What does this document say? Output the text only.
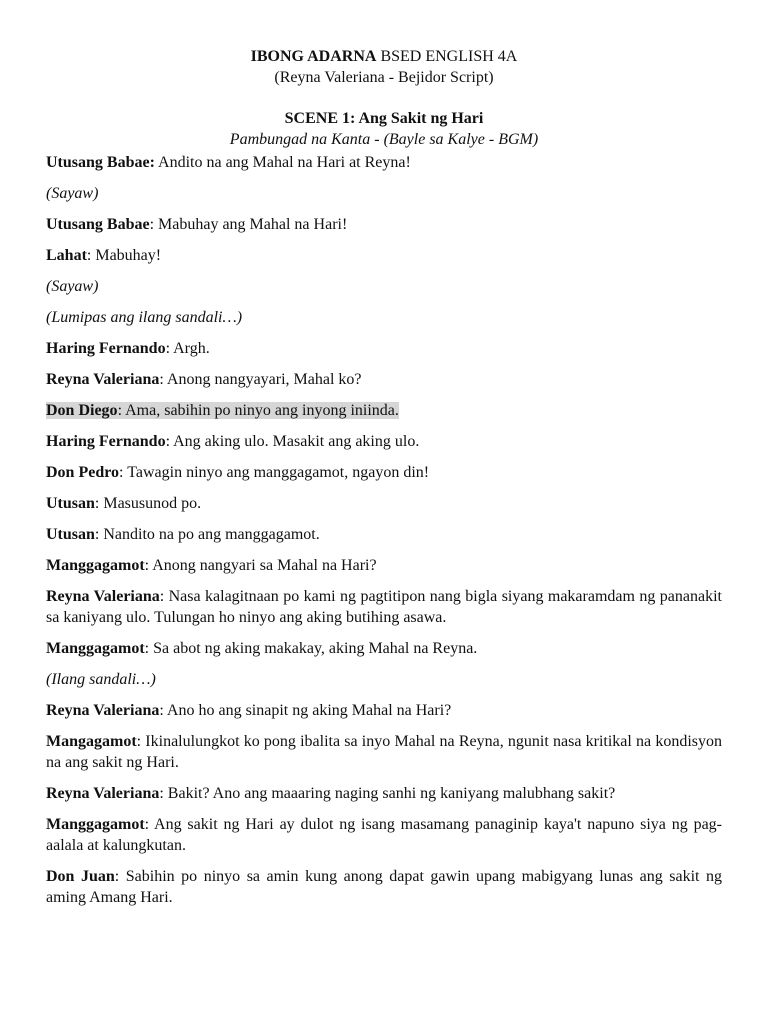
IBONG ADARNA BSED ENGLISH 4A
(Reyna Valeriana - Bejidor Script)
SCENE 1: Ang Sakit ng Hari
Pambungad na Kanta - (Bayle sa Kalye - BGM)
Utusang Babae: Andito na ang Mahal na Hari at Reyna!
(Sayaw)
Utusang Babae: Mabuhay ang Mahal na Hari!
Lahat: Mabuhay!
(Sayaw)
(Lumipas ang ilang sandali…)
Haring Fernando: Argh.
Reyna Valeriana: Anong nangyayari, Mahal ko?
Don Diego: Ama, sabihin po ninyo ang inyong iniinda.
Haring Fernando: Ang aking ulo. Masakit ang aking ulo.
Don Pedro: Tawagin ninyo ang manggagamot, ngayon din!
Utusan: Masusunod po.
Utusan: Nandito na po ang manggagamot.
Manggagamot: Anong nangyari sa Mahal na Hari?
Reyna Valeriana: Nasa kalagitnaan po kami ng pagtitipon nang bigla siyang makaramdam ng pananakit sa kaniyang ulo. Tulungan ho ninyo ang aking butihing asawa.
Manggagamot: Sa abot ng aking makakay, aking Mahal na Reyna.
(Ilang sandali…)
Reyna Valeriana: Ano ho ang sinapit ng aking Mahal na Hari?
Mangagamot: Ikinalulungkot ko pong ibalita sa inyo Mahal na Reyna, ngunit nasa kritikal na kondisyon na ang sakit ng Hari.
Reyna Valeriana: Bakit? Ano ang maaaring naging sanhi ng kaniyang malubhang sakit?
Manggagamot: Ang sakit ng Hari ay dulot ng isang masamang panaginip kaya't napuno siya ng pag-aalala at kalungkutan.
Don Juan: Sabihin po ninyo sa amin kung anong dapat gawin upang mabigyang lunas ang sakit ng aming Amang Hari.
